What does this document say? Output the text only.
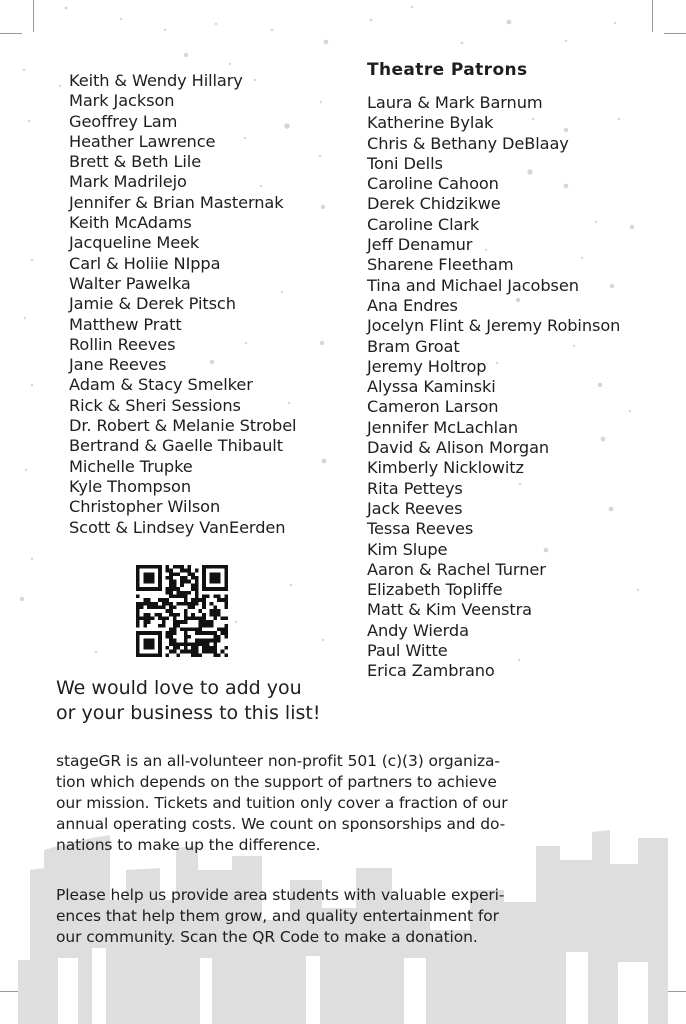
Keith & Wendy Hillary
Mark Jackson
Geoffrey Lam
Heather Lawrence
Brett & Beth Lile
Mark Madrilejo
Jennifer & Brian Masternak
Keith McAdams
Jacqueline Meek
Carl & Holiie NIppa
Walter Pawelka
Jamie & Derek Pitsch
Matthew Pratt
Rollin Reeves
Jane Reeves
Adam & Stacy Smelker
Rick & Sheri Sessions
Dr. Robert & Melanie Strobel
Bertrand & Gaelle Thibault
Michelle Trupke
Kyle Thompson
Christopher Wilson
Scott & Lindsey VanEerden
Theatre Patrons
Laura & Mark Barnum
Katherine Bylak
Chris & Bethany DeBlaay
Toni Dells
Caroline Cahoon
Derek Chidzikwe
Caroline Clark
Jeff Denamur
Sharene Fleetham
Tina and Michael Jacobsen
Ana Endres
Jocelyn Flint & Jeremy Robinson
Bram Groat
Jeremy Holtrop
Alyssa Kaminski
Cameron Larson
Jennifer McLachlan
David & Alison Morgan
Kimberly Nicklowitz
Rita Petteys
Jack Reeves
Tessa Reeves
Kim Slupe
Aaron & Rachel Turner
Elizabeth Topliffe
Matt & Kim Veenstra
Andy Wierda
Paul Witte
Erica Zambrano

We would love to add you
or your business to this list!

stageGR is an all-volunteer non-profit 501 (c)(3) organiza-
tion which depends on the support of partners to achieve
our mission. Tickets and tuition only cover a fraction of our
annual operating costs. We count on sponsorships and do-
nations to make up the difference.

Please help us provide area students with valuable experi-
ences that help them grow, and quality entertainment for
our community. Scan the QR Code to make a donation.
